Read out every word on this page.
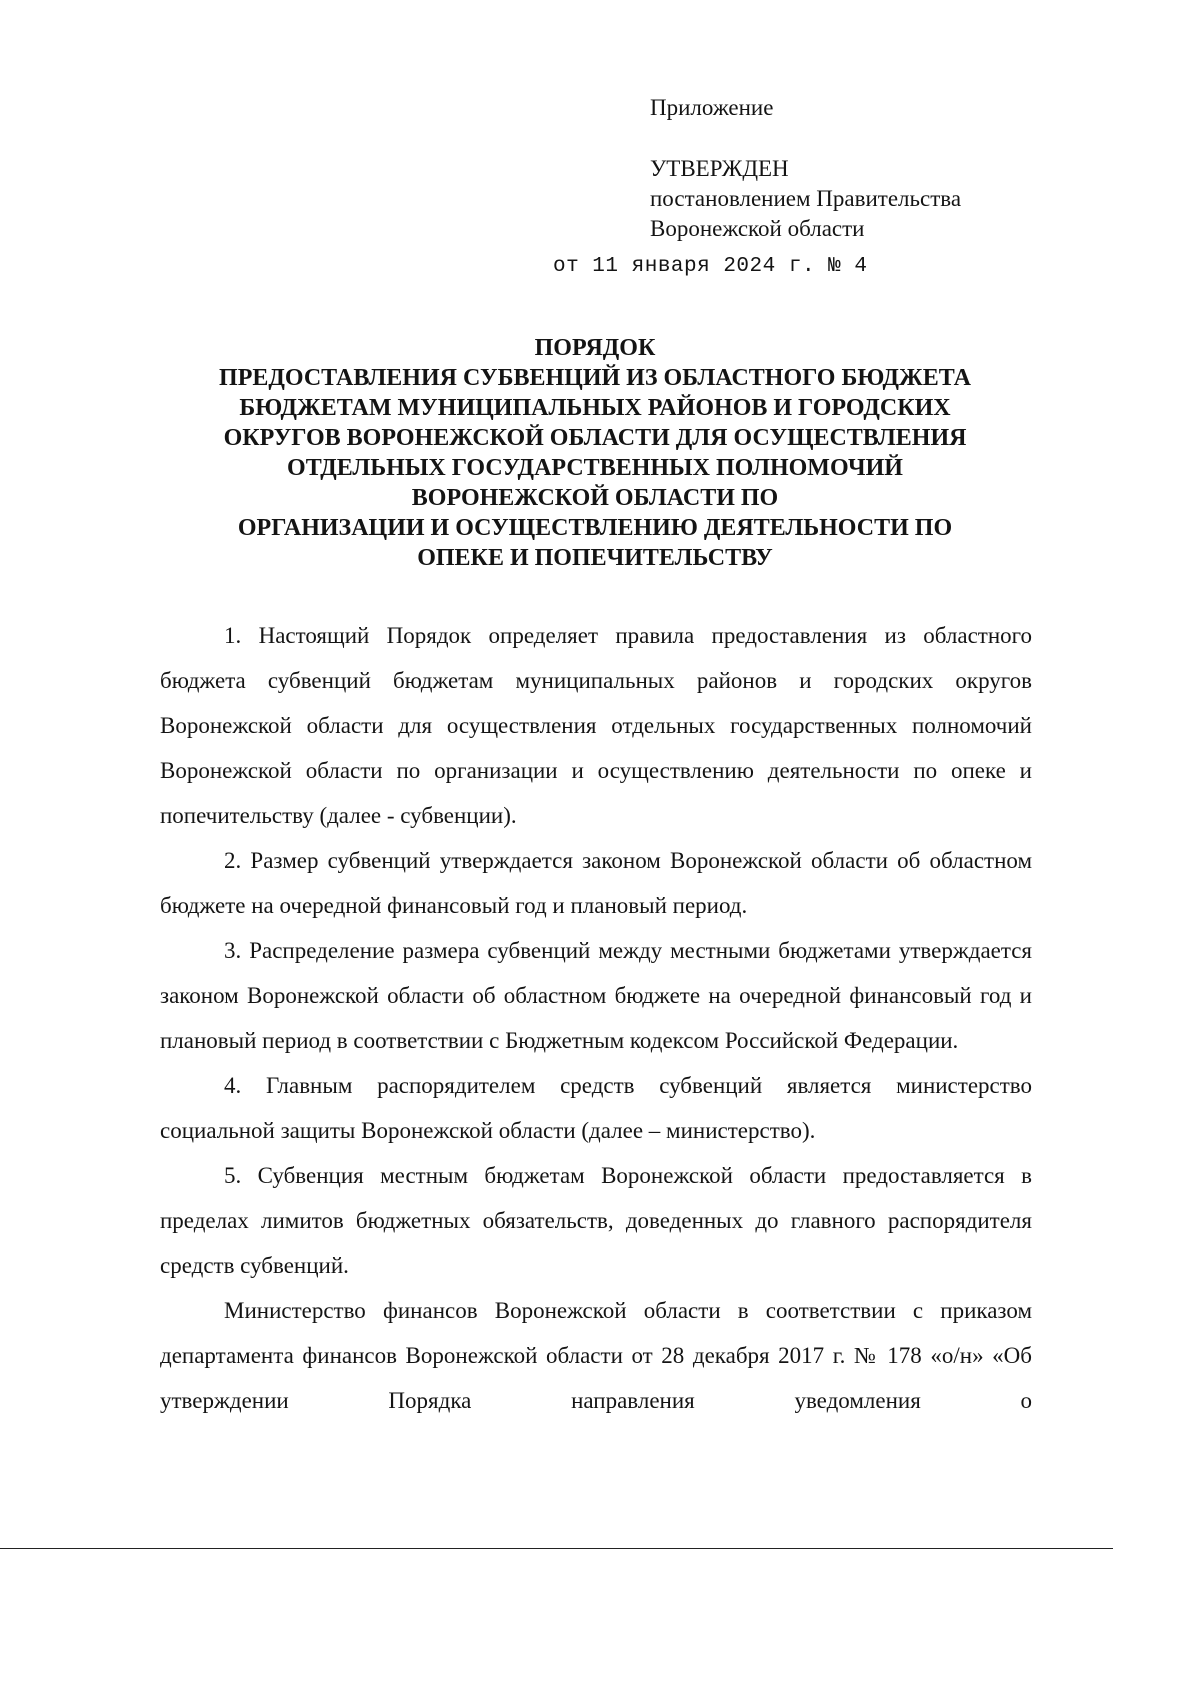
Приложение
УТВЕРЖДЕН
постановлением Правительства
Воронежской области
от 11 января 2024 г. № 4
ПОРЯДОК
ПРЕДОСТАВЛЕНИЯ СУБВЕНЦИЙ ИЗ ОБЛАСТНОГО БЮДЖЕТА
БЮДЖЕТАМ МУНИЦИПАЛЬНЫХ РАЙОНОВ И ГОРОДСКИХ
ОКРУГОВ ВОРОНЕЖСКОЙ ОБЛАСТИ ДЛЯ ОСУЩЕСТВЛЕНИЯ
ОТДЕЛЬНЫХ ГОСУДАРСТВЕННЫХ ПОЛНОМОЧИЙ
ВОРОНЕЖСКОЙ ОБЛАСТИ ПО
ОРГАНИЗАЦИИ И ОСУЩЕСТВЛЕНИЮ ДЕЯТЕЛЬНОСТИ ПО
ОПЕКЕ И ПОПЕЧИТЕЛЬСТВУ

1. Настоящий Порядок определяет правила предоставления из областного бюджета субвенций бюджетам муниципальных районов и городских округов Воронежской области для осуществления отдельных государственных полномочий Воронежской области по организации и осуществлению деятельности по опеке и попечительству (далее - субвенции).

2. Размер субвенций утверждается законом Воронежской области об областном бюджете на очередной финансовый год и плановый период.

3. Распределение размера субвенций между местными бюджетами утверждается законом Воронежской области об областном бюджете на очередной финансовый год и плановый период в соответствии с Бюджетным кодексом Российской Федерации.

4. Главным распорядителем средств субвенций является министерство социальной защиты Воронежской области (далее – министерство).

5. Субвенция местным бюджетам Воронежской области предоставляется в пределах лимитов бюджетных обязательств, доведенных до главного распорядителя средств субвенций.

Министерство финансов Воронежской области в соответствии с приказом департамента финансов Воронежской области от 28 декабря 2017 г. № 178 «о/н» «Об утверждении Порядка направления уведомления о
